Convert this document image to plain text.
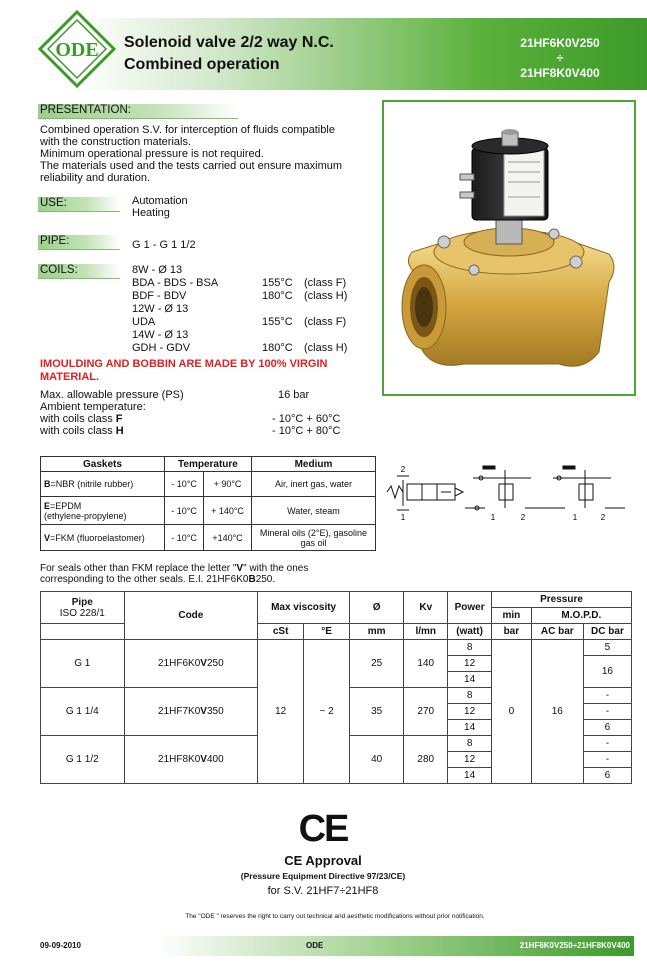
ODE Solenoid valve 2/2 way N.C.
Combined operation
21HF6K0V250
÷
21HF8K0V400
PRESENTATION:
Combined operation S.V. for interception of fluids compatible
with the construction materials.
Minimum operational pressure is not required.
The materials used and the tests carried out ensure maximum
reliability and duration.
USE:	Automation
Heating
PIPE:	G 1 - G 1 1/2
COILS:	8W - Ø 13
BDA - BDS - BSA	155°C (class F)
BDF - BDV	180°C (class H)
12W - Ø 13
UDA	155°C (class F)
14W - Ø 13
GDH - GDV	180°C (class H)
IMOULDING AND BOBBIN ARE MADE BY 100% VIRGIN
MATERIAL.
Max. allowable pressure (PS)	16 bar
Ambient temperature:
with coils class F	- 10°C + 60°C
with coils class H	- 10°C + 80°C
Gaskets	Temperature		Medium
B=NBR (nitrile rubber)	- 10°C	+ 90°C	Air, inert gas, water
E=EPDM
(ethylene-propylene)	- 10°C	+ 140°C	Water, steam
V=FKM (fluoroelastomer)	- 10°C	+140°C	Mineral oils (2°E), gasoline
gas oil
1
2
1	2	1	2
For seals other than FKM replace the letter "V" with the ones
corresponding to the other seals. E.I. 21HF6K0B250.
Pipe
ISO 228/1	Code	Max viscosity		Ø	Kv	Power	Pressure		
							min	M.O.P.D.	
		cSt	°E	mm	l/mn	(watt)	bar	AC bar	DC bar
G 1	21HF6K0V250	12	~ 2	25	140	8	0	16	5
						12			16
						14			
G 1 1/4	21HF7K0V350			35	270	8			-
						12			-
						14			6
G 1 1/2	21HF8K0V400			40	280	8			-
						12			-
						14			6
CE
CE Approval
(Pressure Equipment Directive 97/23/CE)
for S.V. 21HF7÷21HF8
The "ODE " reserves the right to carry out technical and aesthetic modifications without prior notification.
09-09-2010	ODE	21HF6K0V250÷21HF8K0V400
